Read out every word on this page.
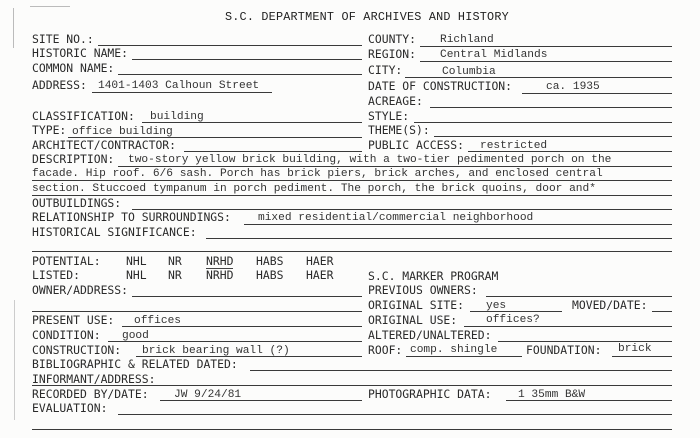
S.C. DEPARTMENT OF ARCHIVES AND HISTORY
SITE NO.:
HISTORIC NAME:
COMMON NAME:
ADDRESS: 1401-1403 Calhoun Street
COUNTY: Richland
REGION: Central Midlands
CITY:	Columbia
DATE OF CONSTRUCTION:	ca. 1935
ACREAGE:
CLASSIFICATION: building	STYLE:
TYPE: office building	THEME(S):
ARCHITECT/CONTRACTOR:	PUBLIC ACCESS: restricted
DESCRIPTION: two-story yellow brick building, with a two-tier pedimented porch on the
facade. Hip roof. 6/6 sash. Porch has brick piers, brick arches, and enclosed central
section. Stuccoed tympanum in porch pediment. The porch, the brick quoins, door and*
OUTBUILDINGS:
RELATIONSHIP TO SURROUNDINGS: mixed residential/commercial neighborhood
HISTORICAL SIGNIFICANCE:
POTENTIAL: NHL NR NRHD HABS HAER
LISTED:	NHL NR NRHD HABS HAER	S.C. MARKER PROGRAM
OWNER/ADDRESS:	PREVIOUS OWNERS:
ORIGINAL SITE: yes	MOVED/DATE:
PRESENT USE: offices	ORIGINAL USE:	offices?
CONDITION: good	ALTERED/UNALTERED:
CONSTRUCTION: brick bearing wall (?)	ROOF: comp. shingle	FOUNDATION: brick
BIBLIOGRAPHIC & RELATED DATED:
INFORMANT/ADDRESS:
RECORDED BY/DATE: JW 9/24/81	PHOTOGRAPHIC DATA: 1 35mm B&W
EVALUATION:
